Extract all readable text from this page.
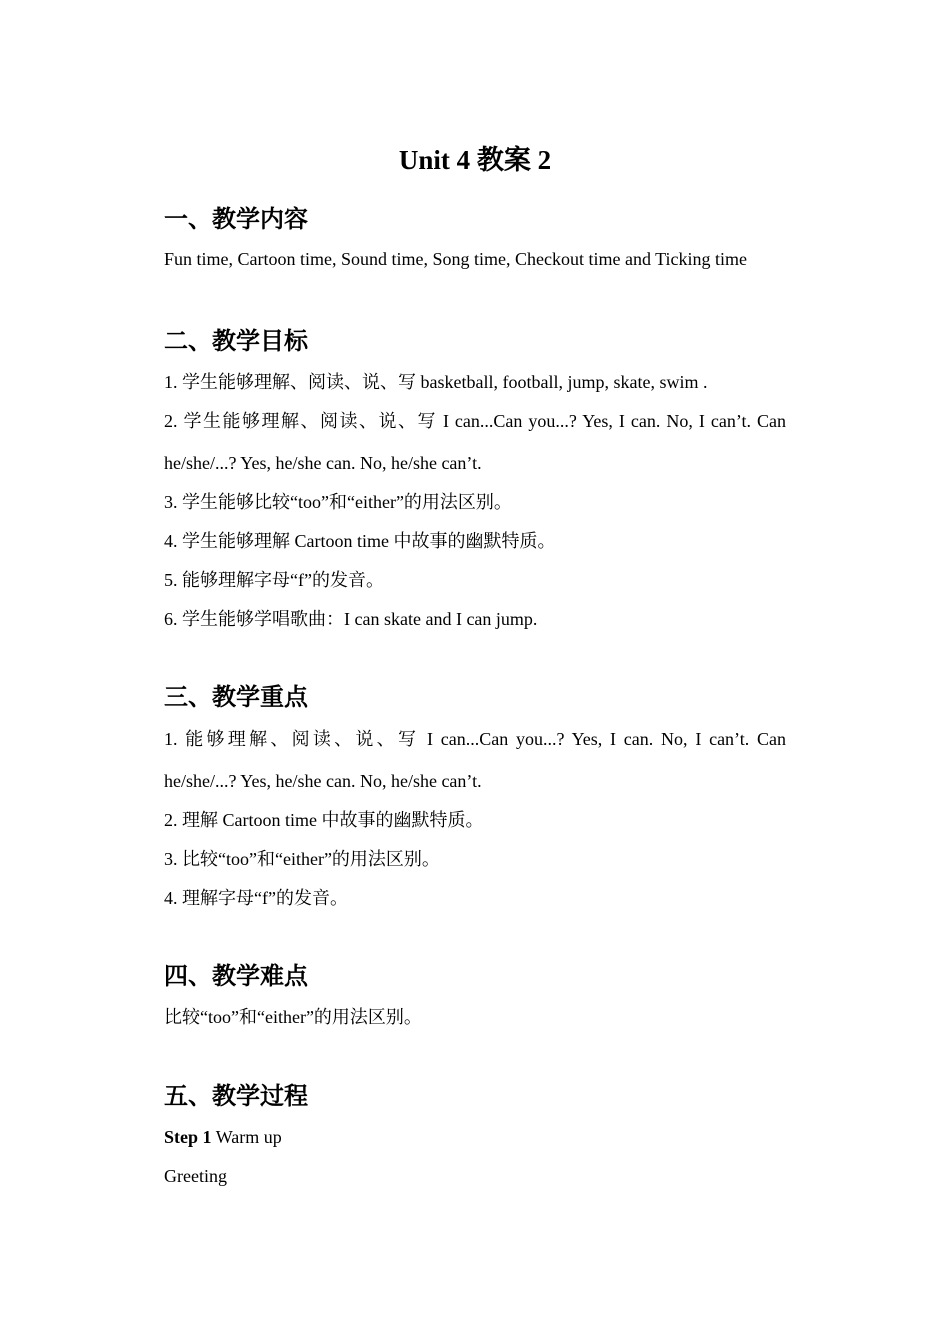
Unit 4 教案 2
一、教学内容
Fun time, Cartoon time, Sound time, Song time, Checkout time and Ticking time
二、教学目标
1. 学生能够理解、阅读、说、写 basketball, football, jump, skate, swim .
2. 学生能够理解、阅读、说、写 I can...Can you...? Yes, I can. No, I can’t. Can
he/she/...? Yes, he/she can. No, he/she can’t.
3. 学生能够比较“too”和“either”的用法区别。
4. 学生能够理解 Cartoon time 中故事的幽默特质。
5. 能够理解字母“f”的发音。
6. 学生能够学唱歌曲：I can skate and I can jump.
三、教学重点
1. 能够理解、阅读、说、写 I can...Can you...? Yes, I can. No, I can’t. Can
he/she/...? Yes, he/she can. No, he/she can’t.
2. 理解 Cartoon time 中故事的幽默特质。
3. 比较“too”和“either”的用法区别。
4. 理解字母“f”的发音。
四、教学难点
比较“too”和“either”的用法区别。
五、教学过程
Step 1 Warm up
Greeting
